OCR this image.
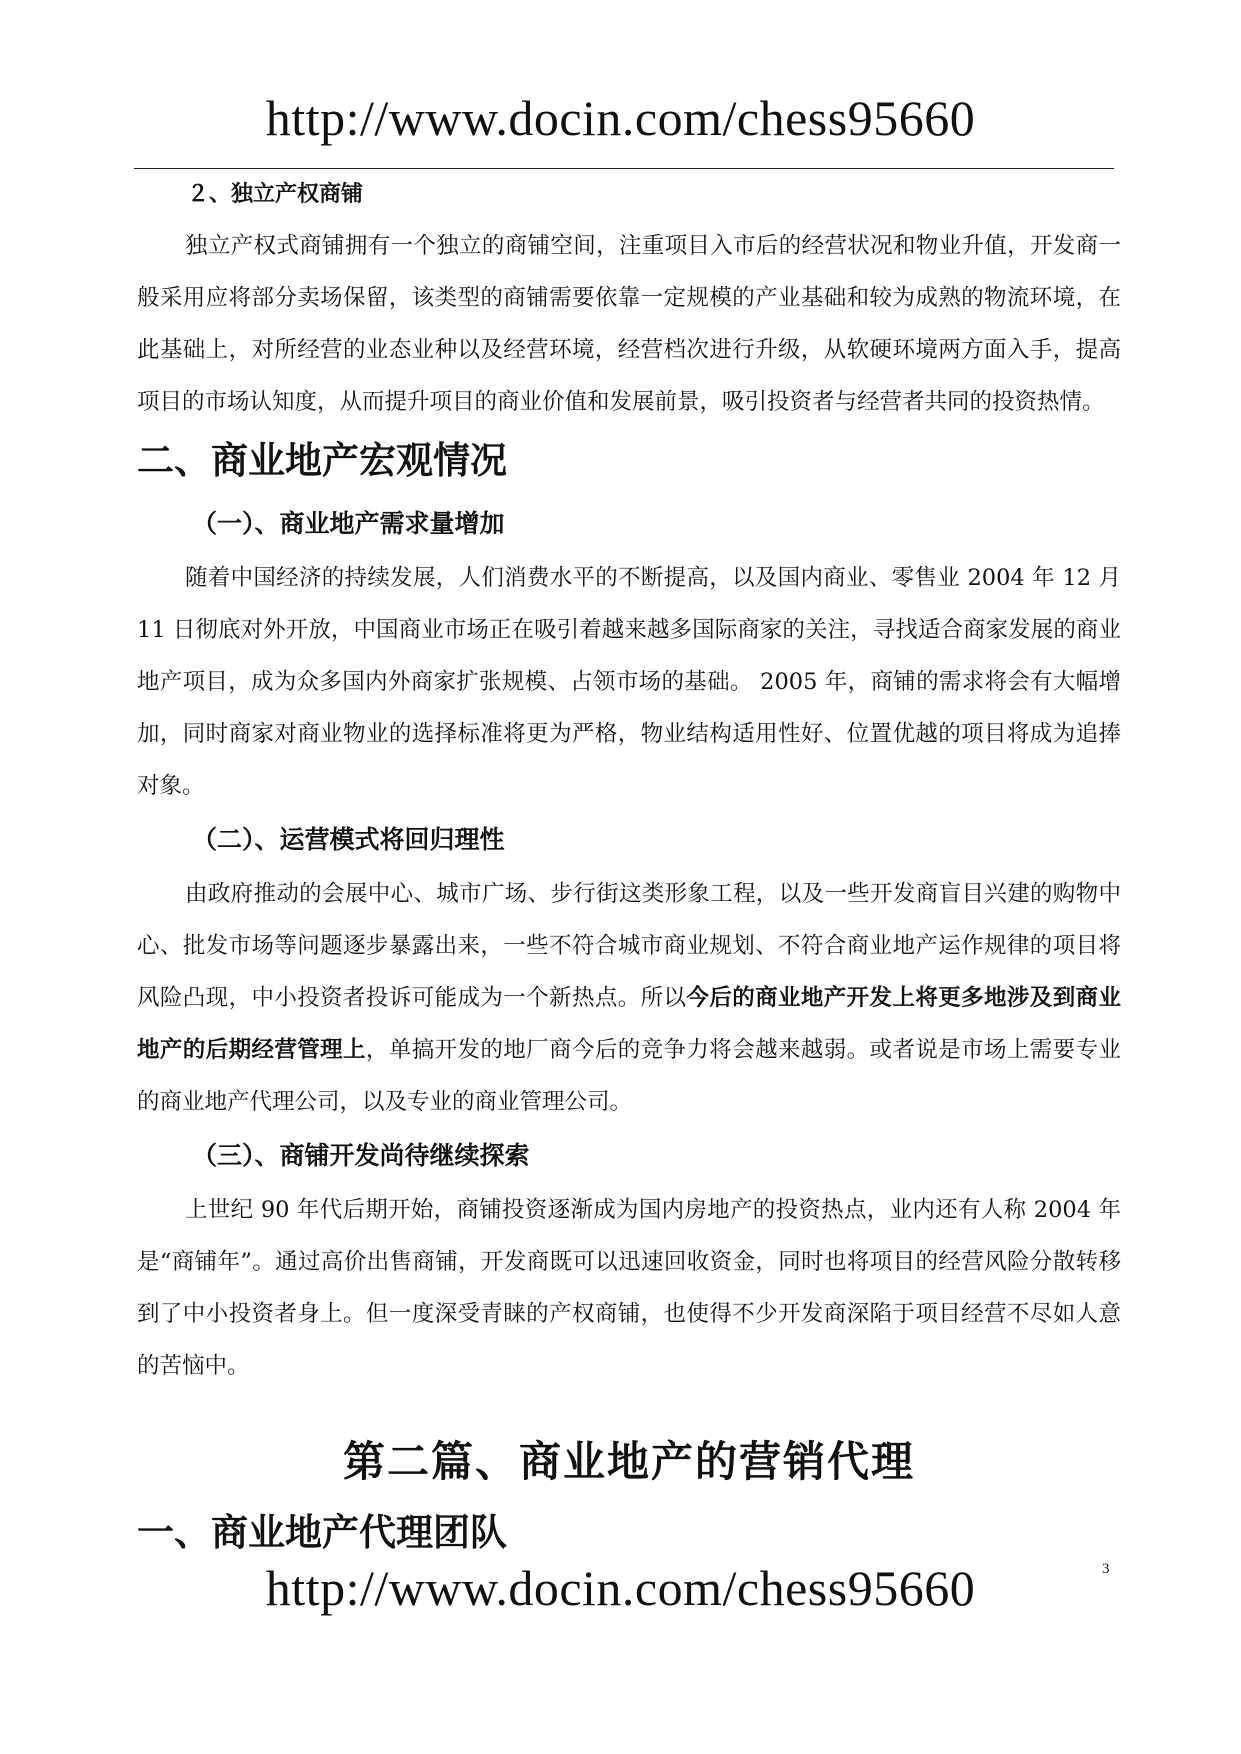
http://www.docin.com/chess95660
２、独立产权商铺

独立产权式商铺拥有一个独立的商铺空间，注重项目入市后的经营状况和物业升值，开发商一般采用应将部分卖场保留，该类型的商铺需要依靠一定规模的产业基础和较为成熟的物流环境，在此基础上，对所经营的业态业种以及经营环境，经营档次进行升级，从软硬环境两方面入手，提高项目的市场认知度，从而提升项目的商业价值和发展前景，吸引投资者与经营者共同的投资热情。

二、商业地产宏观情况
（一）、商业地产需求量增加

随着中国经济的持续发展，人们消费水平的不断提高，以及国内商业、零售业 2004 年 12 月 11 日彻底对外开放，中国商业市场正在吸引着越来越多国际商家的关注，寻找适合商家发展的商业地产项目，成为众多国内外商家扩张规模、占领市场的基础。 2005 年，商铺的需求将会有大幅增加，同时商家对商业物业的选择标准将更为严格，物业结构适用性好、位置优越的项目将成为追捧对象。

（二）、运营模式将回归理性

由政府推动的会展中心、城市广场、步行街这类形象工程，以及一些开发商盲目兴建的购物中心、批发市场等问题逐步暴露出来，一些不符合城市商业规划、不符合商业地产运作规律的项目将风险凸现，中小投资者投诉可能成为一个新热点。所以今后的商业地产开发上将更多地涉及到商业地产的后期经营管理上，单搞开发的地厂商今后的竞争力将会越来越弱。或者说是市场上需要专业的商业地产代理公司，以及专业的商业管理公司。

（三）、商铺开发尚待继续探索

上世纪 90 年代后期开始，商铺投资逐渐成为国内房地产的投资热点，业内还有人称 2004 年是“商铺年”。通过高价出售商铺，开发商既可以迅速回收资金，同时也将项目的经营风险分散转移到了中小投资者身上。但一度深受青睐的产权商铺，也使得不少开发商深陷于项目经营不尽如人意的苦恼中。

第二篇、商业地产的营销代理
一、商业地产代理团队
http://www.docin.com/chess95660	3
